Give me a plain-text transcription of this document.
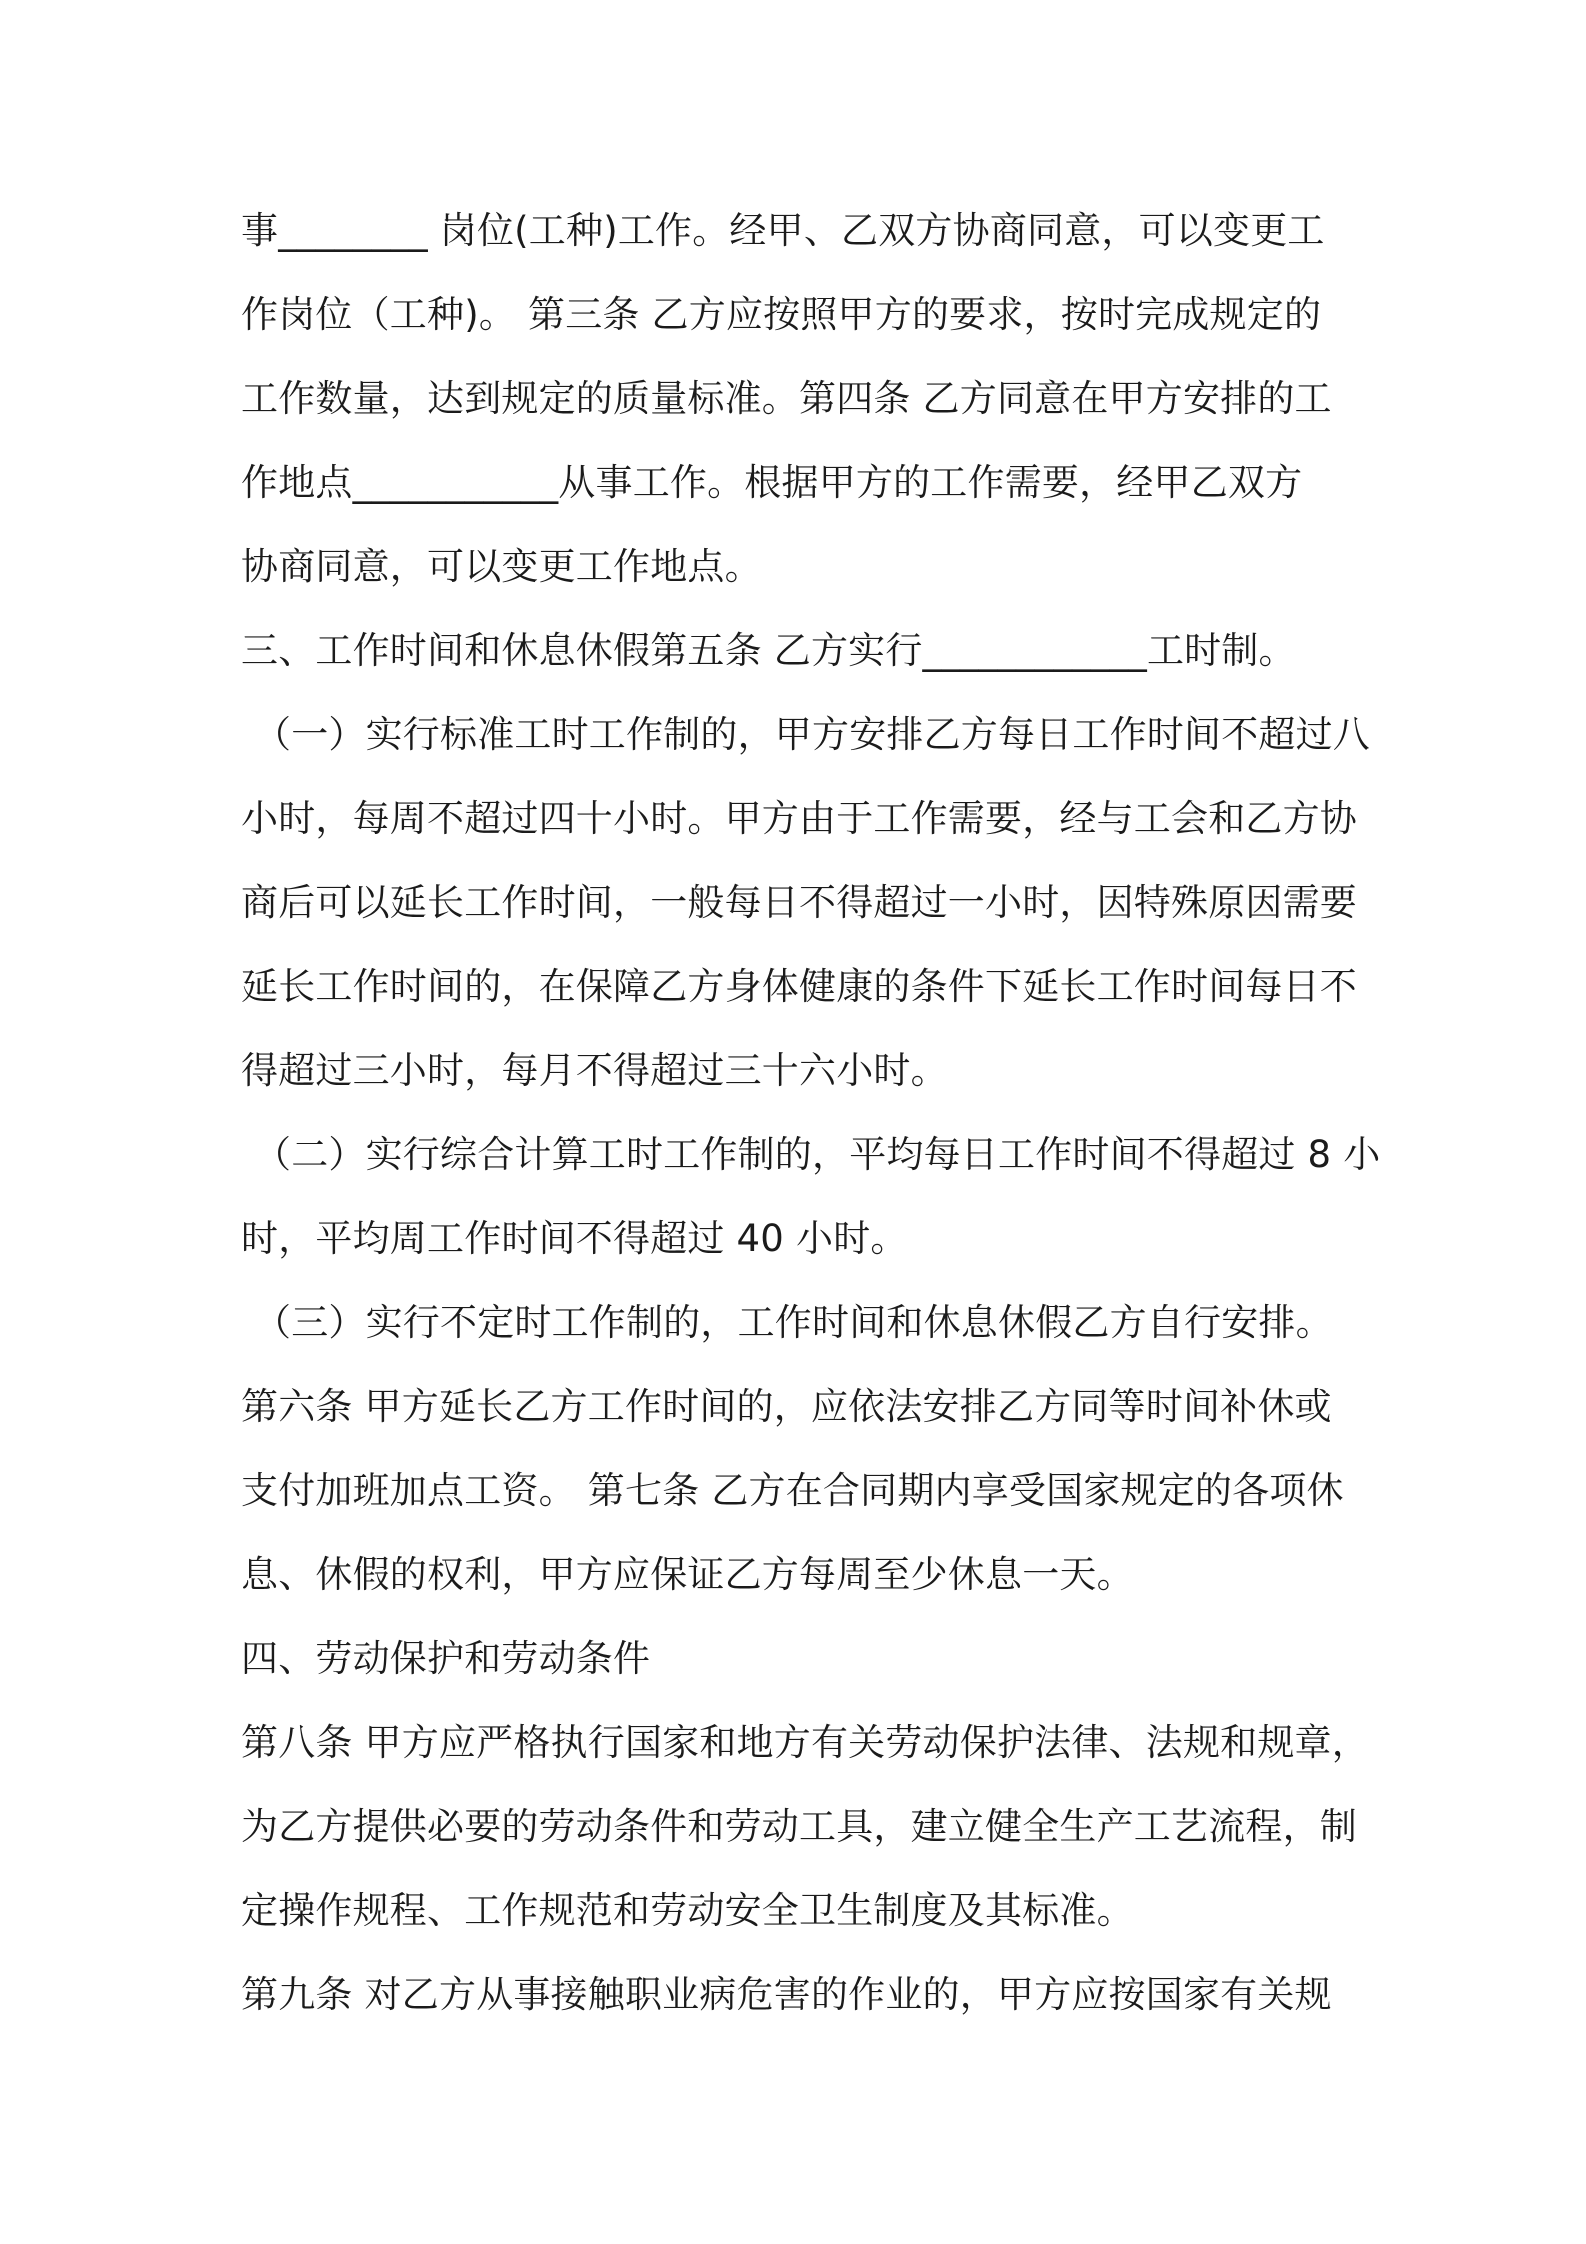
事________ 岗位(工种)工作。经甲、乙双方协商同意，可以变更工

作岗位（工种)。 第三条 乙方应按照甲方的要求，按时完成规定的

工作数量，达到规定的质量标准。第四条 乙方同意在甲方安排的工

作地点___________从事工作。根据甲方的工作需要，经甲乙双方

协商同意，可以变更工作地点。

三、工作时间和休息休假第五条 乙方实行____________工时制。

（一）实行标准工时工作制的，甲方安排乙方每日工作时间不超过八

小时，每周不超过四十小时。甲方由于工作需要，经与工会和乙方协

商后可以延长工作时间，一般每日不得超过一小时，因特殊原因需要

延长工作时间的，在保障乙方身体健康的条件下延长工作时间每日不

得超过三小时，每月不得超过三十六小时。

（二）实行综合计算工时工作制的，平均每日工作时间不得超过 8 小

时，平均周工作时间不得超过 40 小时。

（三）实行不定时工作制的，工作时间和休息休假乙方自行安排。

第六条 甲方延长乙方工作时间的，应依法安排乙方同等时间补休或

支付加班加点工资。 第七条 乙方在合同期内享受国家规定的各项休

息、休假的权利，甲方应保证乙方每周至少休息一天。

四、劳动保护和劳动条件

第八条 甲方应严格执行国家和地方有关劳动保护法律、法规和规章，

为乙方提供必要的劳动条件和劳动工具，建立健全生产工艺流程，制

定操作规程、工作规范和劳动安全卫生制度及其标准。

第九条 对乙方从事接触职业病危害的作业的，甲方应按国家有关规
